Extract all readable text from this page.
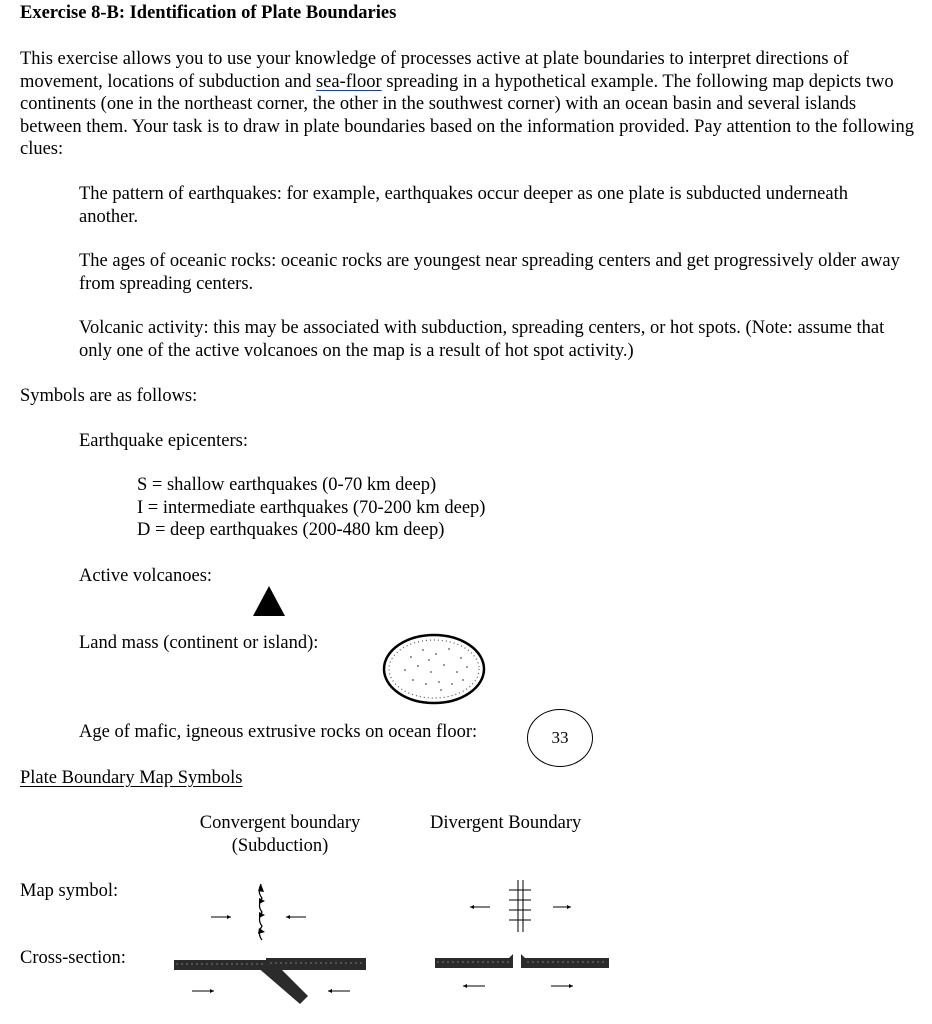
Exercise 8-B: Identification of Plate Boundaries
This exercise allows you to use your knowledge of processes active at plate boundaries to interpret directions of movement, locations of subduction and sea-floor spreading in a hypothetical example. The following map depicts two continents (one in the northeast corner, the other in the southwest corner) with an ocean basin and several islands between them. Your task is to draw in plate boundaries based on the information provided. Pay attention to the following clues:
The pattern of earthquakes: for example, earthquakes occur deeper as one plate is subducted underneath another.
The ages of oceanic rocks: oceanic rocks are youngest near spreading centers and get progressively older away from spreading centers.
Volcanic activity: this may be associated with subduction, spreading centers, or hot spots. (Note: assume that only one of the active volcanoes on the map is a result of hot spot activity.)
Symbols are as follows:
Earthquake epicenters:
S = shallow earthquakes (0-70 km deep)
I = intermediate earthquakes (70-200 km deep)
D = deep earthquakes (200-480 km deep)
Active volcanoes:
Land mass (continent or island):
Age of mafic, igneous extrusive rocks on ocean floor:	33
Plate Boundary Map Symbols
Convergent boundary
(Subduction)
Divergent Boundary
Map symbol:
Cross-section:
